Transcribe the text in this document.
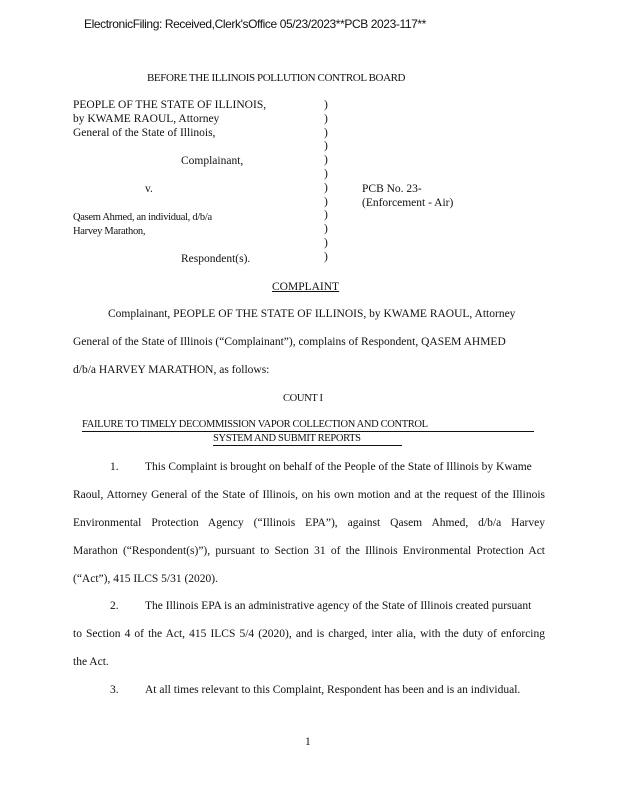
ElectronicFiling: Received,Clerk'sOffice 05/23/2023**PCB 2023-117**
BEFORE THE ILLINOIS POLLUTION CONTROL BOARD
PEOPLE OF THE STATE OF ILLINOIS,
by KWAME RAOUL, Attorney
General of the State of Illinois,
Complainant,
v.
Qasem Ahmed, an individual, d/b/a
Harvey Marathon,
Respondent(s).
)
)
)
)
)
)
)
)
)
)
)
)
PCB No. 23-
(Enforcement - Air)
COMPLAINT
Complainant, PEOPLE OF THE STATE OF ILLINOIS, by KWAME RAOUL, Attorney
General of the State of Illinois (“Complainant”), complains of Respondent, QASEM AHMED
d/b/a HARVEY MARATHON, as follows:
COUNT I
FAILURE TO TIMELY DECOMMISSION VAPOR COLLECTION AND CONTROL
SYSTEM AND SUBMIT REPORTS
1. This Complaint is brought on behalf of the People of the State of Illinois by Kwame
Raoul, Attorney General of the State of Illinois, on his own motion and at the request of the Illinois
Environmental Protection Agency (“Illinois EPA”), against Qasem Ahmed, d/b/a Harvey
Marathon (“Respondent(s)”), pursuant to Section 31 of the Illinois Environmental Protection Act
(“Act”), 415 ILCS 5/31 (2020).
2. The Illinois EPA is an administrative agency of the State of Illinois created pursuant
to Section 4 of the Act, 415 ILCS 5/4 (2020), and is charged, inter alia, with the duty of enforcing
the Act.
3. At all times relevant to this Complaint, Respondent has been and is an individual.
1
